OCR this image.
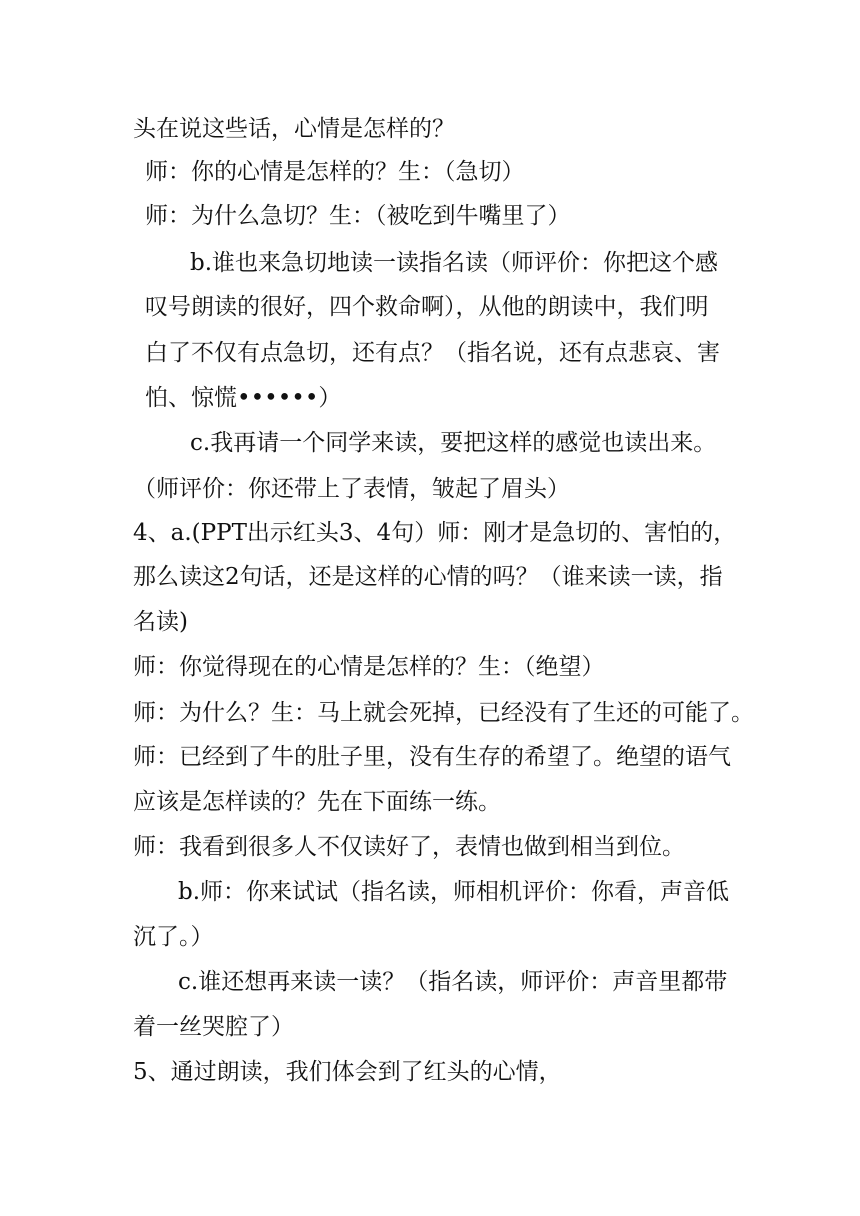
头在说这些话，心情是怎样的？
师：你的心情是怎样的？生：（急切）
师：为什么急切？生：（被吃到牛嘴里了）
b.谁也来急切地读一读指名读（师评价：你把这个感
叹号朗读的很好，四个救命啊），从他的朗读中，我们明
白了不仅有点急切，还有点？（指名说，还有点悲哀、害
怕、惊慌••••••）
c.我再请一个同学来读，要把这样的感觉也读出来。
（师评价：你还带上了表情，皱起了眉头）
4、a.(PPT出示红头3、4句）师：刚才是急切的、害怕的，
那么读这2句话，还是这样的心情的吗？（谁来读一读，指
名读)
师：你觉得现在的心情是怎样的？生：（绝望）
师：为什么？生：马上就会死掉，已经没有了生还的可能了。
师：已经到了牛的肚子里，没有生存的希望了。绝望的语气
应该是怎样读的？先在下面练一练。
师：我看到很多人不仅读好了，表情也做到相当到位。
b.师：你来试试（指名读，师相机评价：你看，声音低
沉了。）
c.谁还想再来读一读？（指名读，师评价：声音里都带
着一丝哭腔了）
5、通过朗读，我们体会到了红头的心情，
